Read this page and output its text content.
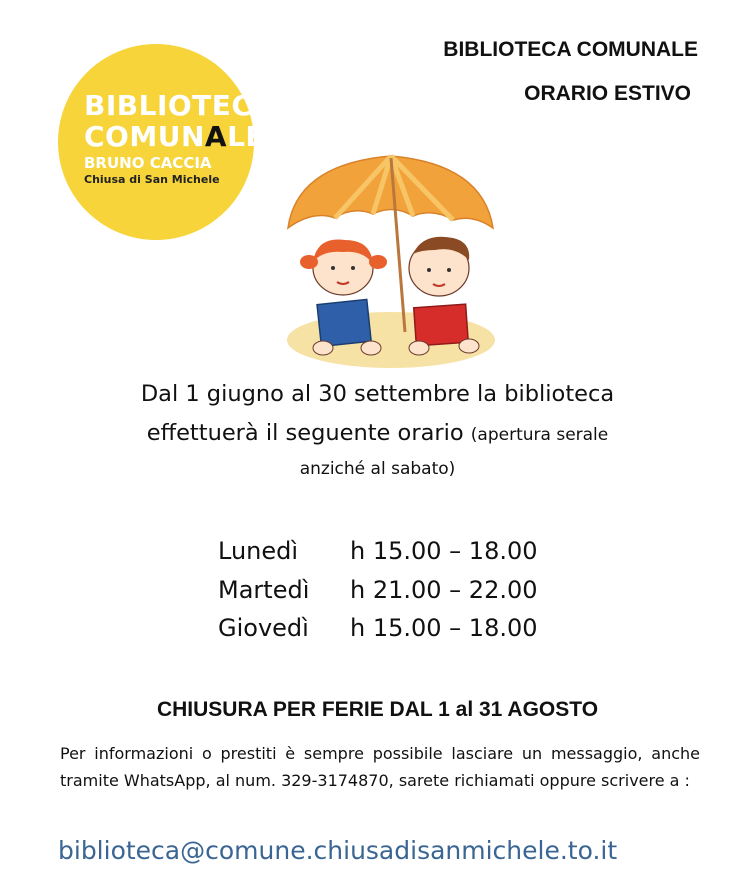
BIBLIOTECA
COMUNALE
BRUNO CACCIA
Chiusa di San Michele
BIBLIOTECA COMUNALE
ORARIO ESTIVO
Dal 1 giugno al 30 settembre la biblioteca
effettuerà il seguente orario (apertura serale
anziché al sabato)
Lunedì	h 15.00 – 18.00
Martedì	h 21.00 – 22.00
Giovedì	h 15.00 – 18.00
CHIUSURA PER FERIE DAL 1 al 31 AGOSTO
Per informazioni o prestiti è sempre possibile lasciare un messaggio, anche tramite WhatsApp, al num. 329-3174870, sarete richiamati oppure scrivere a :
biblioteca@comune.chiusadisanmichele.to.it
